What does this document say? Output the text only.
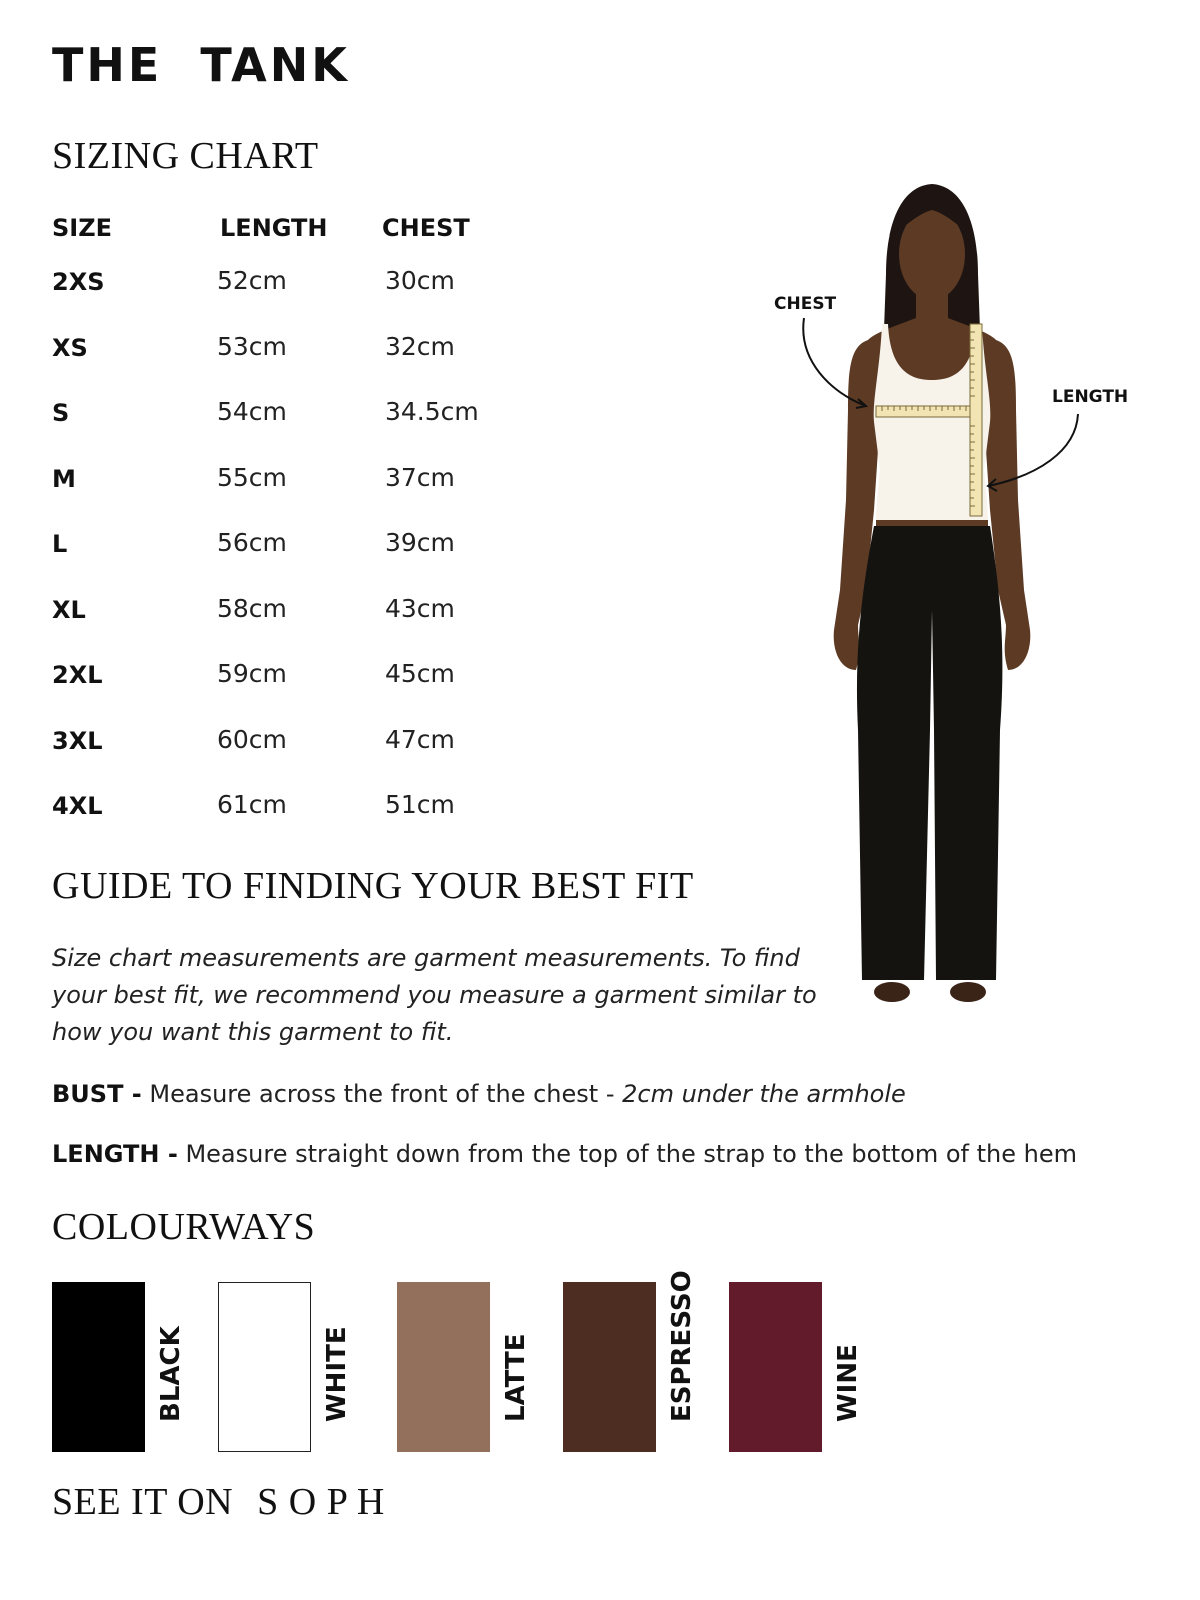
THE  TANK
SIZING CHART
SIZE	LENGTH CHEST
2XS	52cm	30cm
XS	53cm	32cm
S	54cm	34.5cm
M	55cm	37cm
L	56cm	39cm
XL	58cm	43cm
2XL	59cm	45cm
3XL	60cm	47cm
4XL	61cm	51cm
CHEST
LENGTH
GUIDE TO FINDING YOUR BEST FIT
Size chart measurements are garment measurements. To find your best fit, we recommend you measure a garment similar to how you want this garment to fit.
BUST - Measure across the front of the chest - 2cm under the armhole
LENGTH - Measure straight down from the top of the strap to the bottom of the hem
COLOURWAYS
BLACK	WHITE	LATTE	ESPRESSO	WINE
SEE IT ON S O P H
